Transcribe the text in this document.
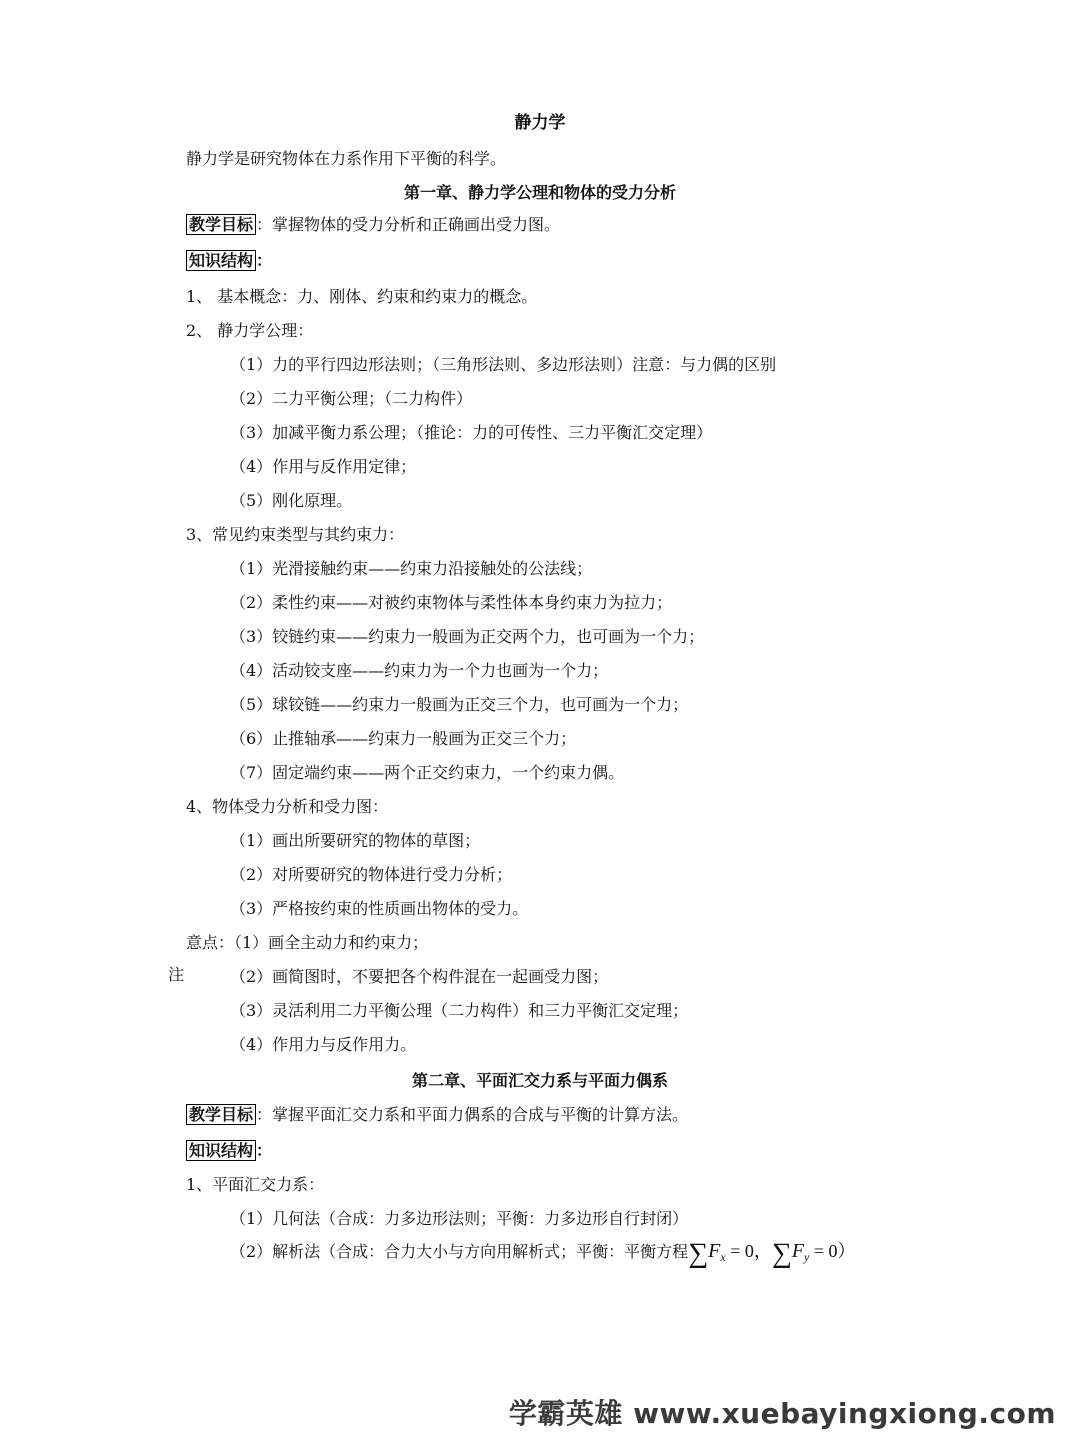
静力学
静力学是研究物体在力系作用下平衡的科学。
第一章、静力学公理和物体的受力分析
教学目标 ：掌握物体的受力分析和正确画出受力图。
知识结构 ：
1、 基本概念：力、刚体、约束和约束力的概念。
2、 静力学公理：
（1）力的平行四边形法则；（三角形法则、多边形法则）注意：与力偶的区别
（2）二力平衡公理；（二力构件）
（3）加减平衡力系公理；（推论：力的可传性、三力平衡汇交定理）
（4）作用与反作用定律；
（5）刚化原理。
3、常见约束类型与其约束力：
（1）光滑接触约束——约束力沿接触处的公法线；
（2）柔性约束——对被约束物体与柔性体本身约束力为拉力；
（3）铰链约束——约束力一般画为正交两个力，也可画为一个力；
（4）活动铰支座——约束力为一个力也画为一个力；
（5）球铰链——约束力一般画为正交三个力，也可画为一个力；
（6）止推轴承——约束力一般画为正交三个力；
（7）固定端约束——两个正交约束力，一个约束力偶。
4、物体受力分析和受力图：
（1）画出所要研究的物体的草图；
（2）对所要研究的物体进行受力分析；
（3）严格按约束的性质画出物体的受力。
意点：（1）画全主动力和约束力；
注	（2）画简图时，不要把各个构件混在一起画受力图；
（3）灵活利用二力平衡公理（二力构件）和三力平衡汇交定理；
（4）作用力与反作用力。
第二章、平面汇交力系与平面力偶系
教学目标 ：掌握平面汇交力系和平面力偶系的合成与平衡的计算方法。
知识结构 ：
1、平面汇交力系：
（1）几何法（合成：力多边形法则；平衡：力多边形自行封闭）
（2）解析法（合成：合力大小与方向用解析式；平衡：平衡方程$\sum F_x = 0$，$\sum F_y = 0$）
学霸英雄 www.xuebayingxiong.com
